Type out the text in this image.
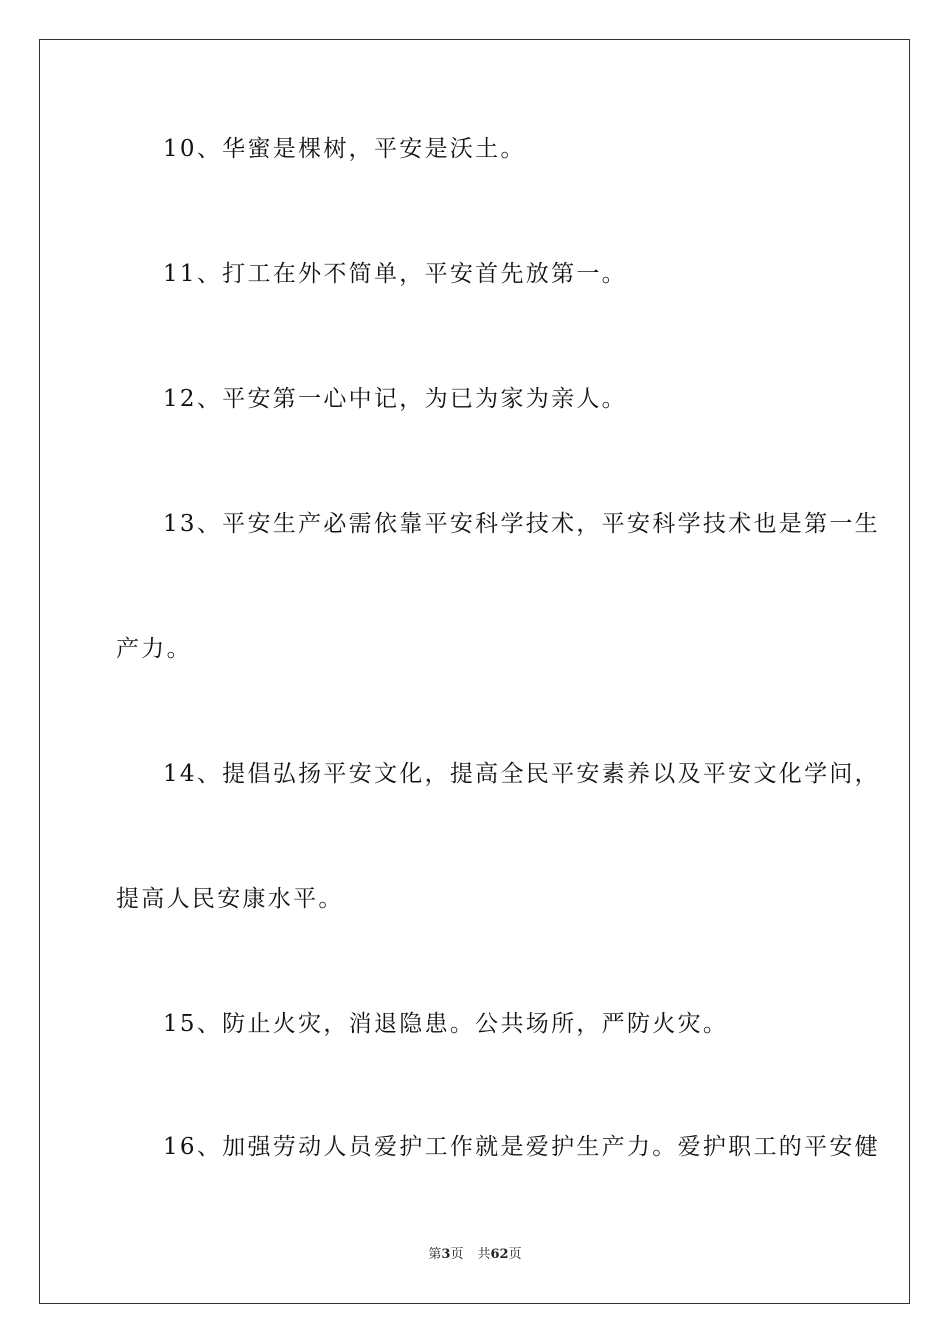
10、华蜜是棵树，平安是沃土。
11、打工在外不简单，平安首先放第一。
12、平安第一心中记，为已为家为亲人。
13、平安生产必需依靠平安科学技术，平安科学技术也是第一生
产力。
14、提倡弘扬平安文化，提高全民平安素养以及平安文化学问，
提高人民安康水平。
15、防止火灾，消退隐患。公共场所，严防火灾。
16、加强劳动人员爱护工作就是爱护生产力。爱护职工的平安健
第3页 共62页
